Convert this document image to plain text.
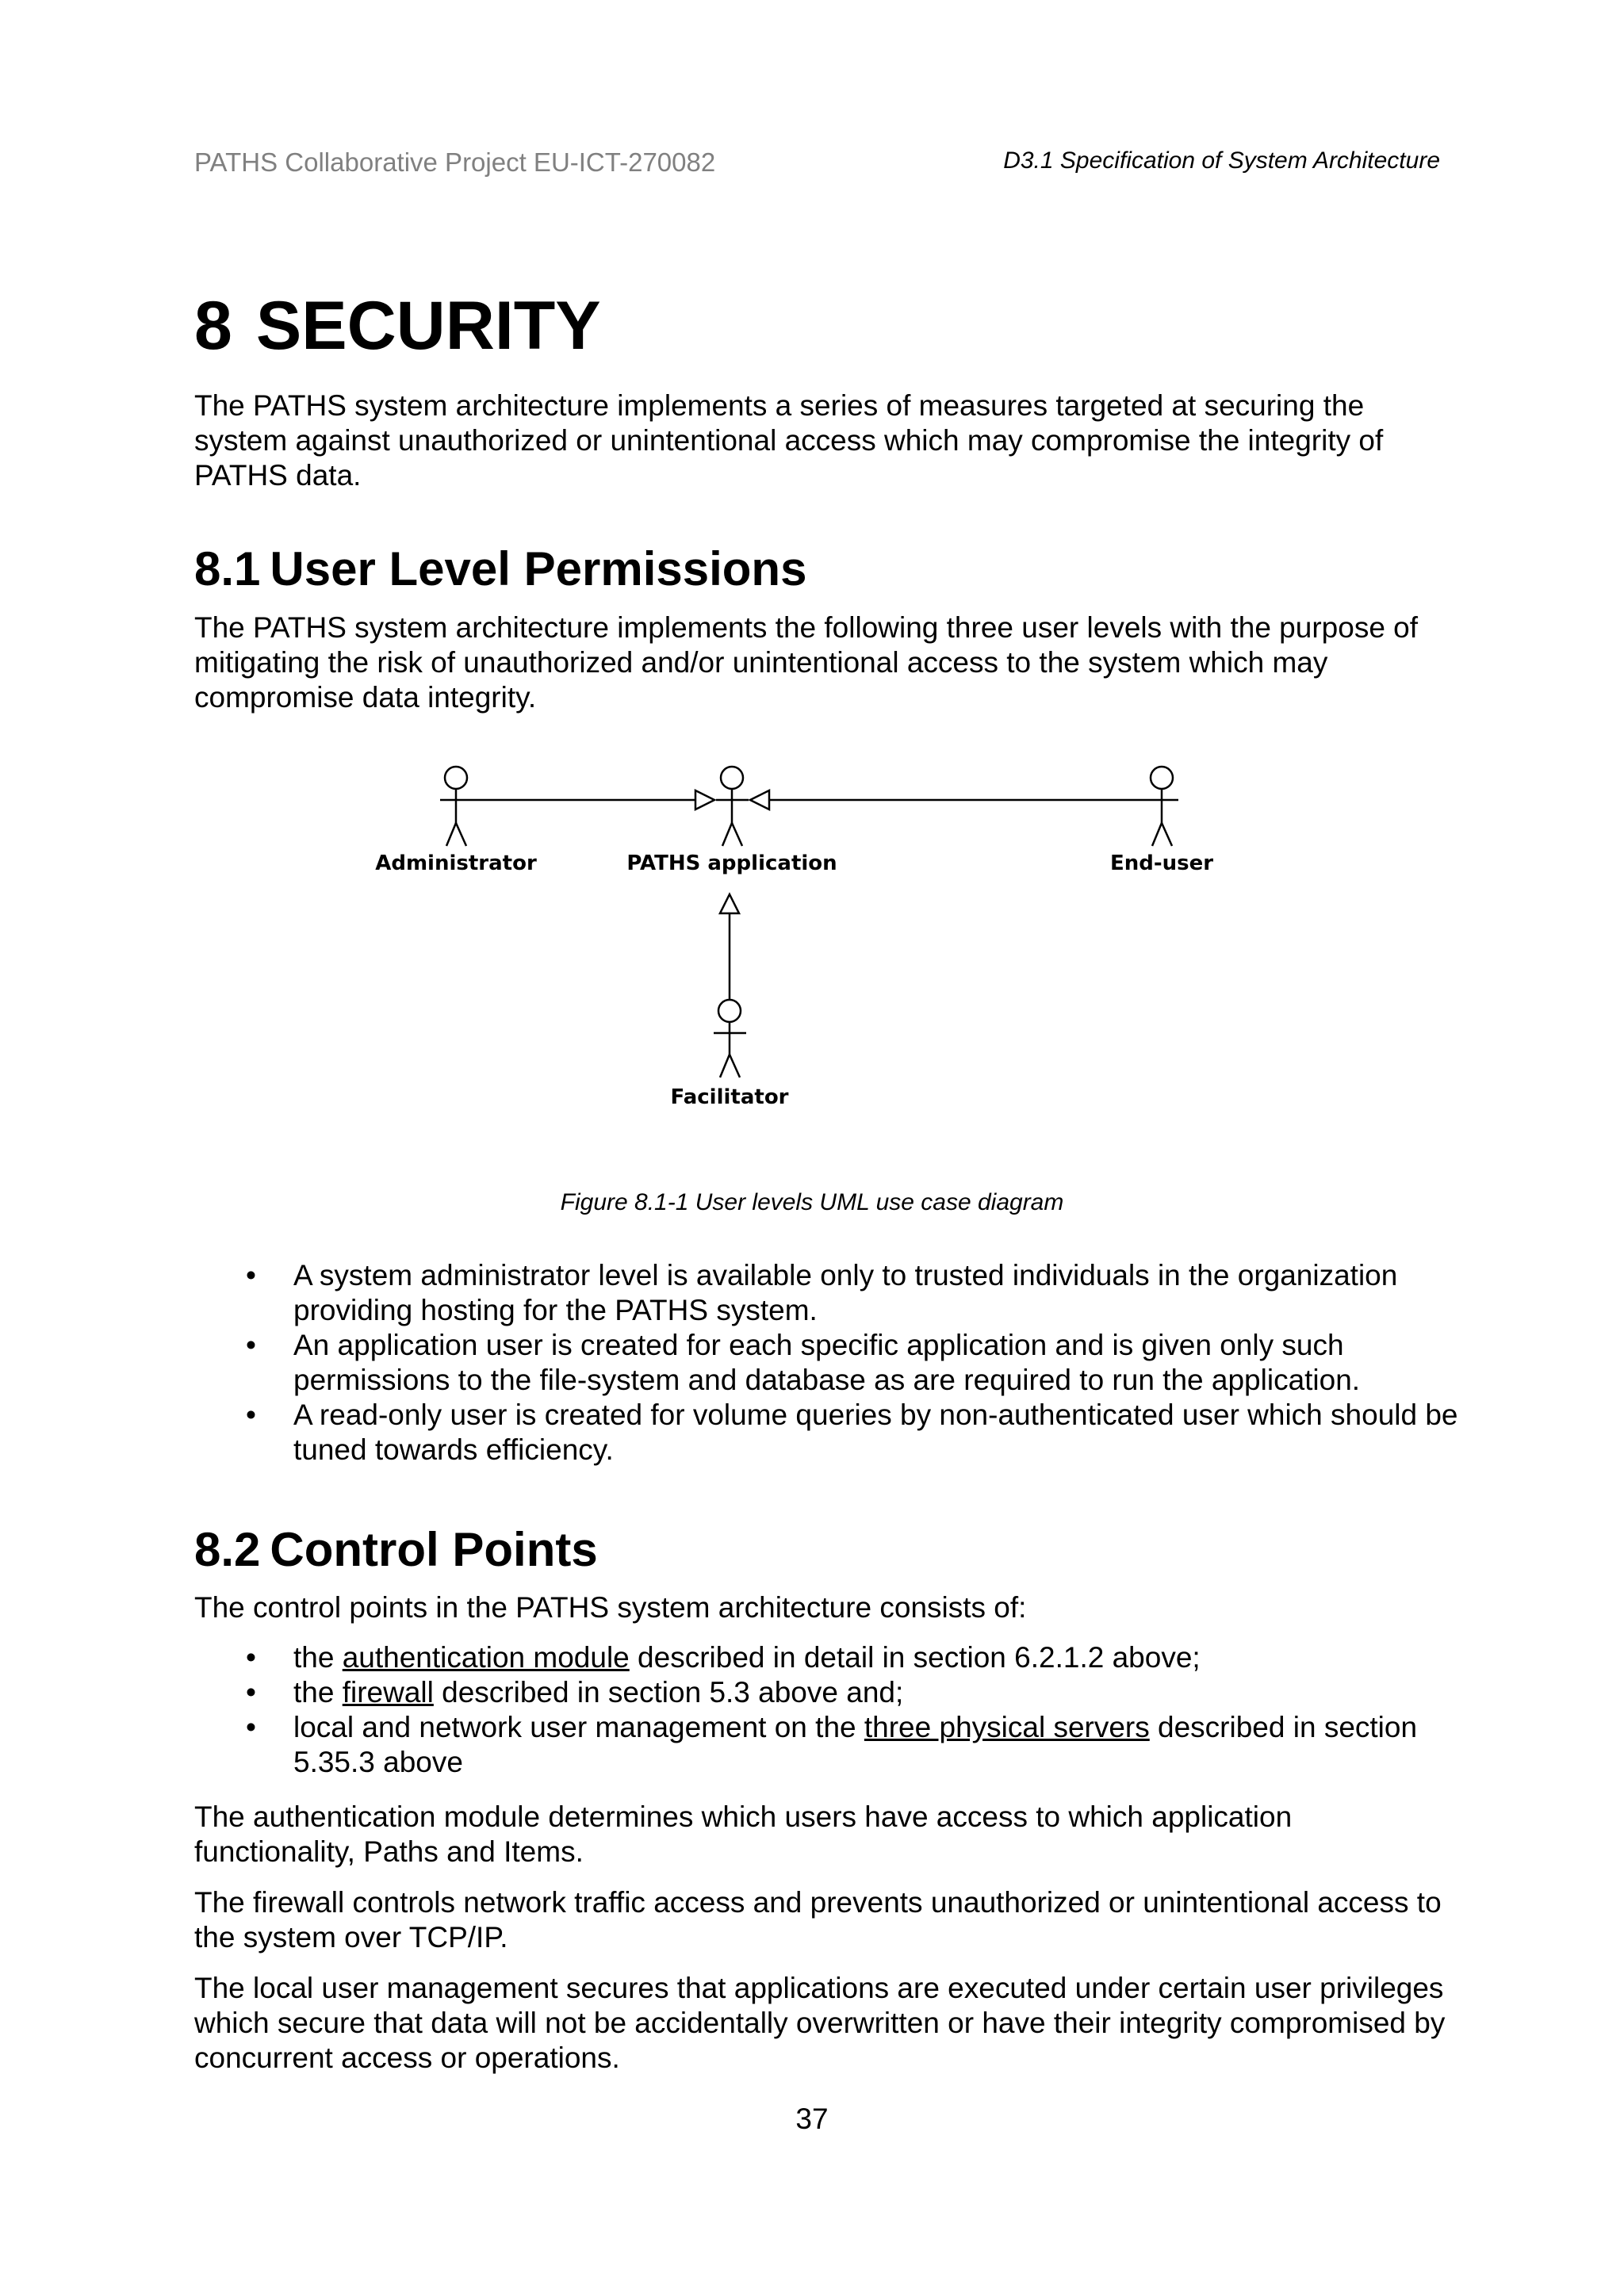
PATHS Collaborative Project EU-ICT-270082	D3.1 Specification of System Architecture
8 SECURITY

The PATHS system architecture implements a series of measures targeted at securing the system against unauthorized or unintentional access which may compromise the integrity of PATHS data.

8.1 User Level Permissions

The PATHS system architecture implements the following three user levels with the purpose of mitigating the risk of unauthorized and/or unintentional access to the system which may compromise data integrity.

Administrator	PATHS application	End-user
Facilitator
Figure 8.1-1 User levels UML use case diagram
• A system administrator level is available only to trusted individuals in the organization providing hosting for the PATHS system.
• An application user is created for each specific application and is given only such permissions to the file-system and database as are required to run the application.
• A read-only user is created for volume queries by non-authenticated user which should be tuned towards efficiency.
8.2 Control Points

The control points in the PATHS system architecture consists of:

• the authentication module described in detail in section 6.2.1.2 above;
• the firewall described in section 5.3 above and;
• local and network user management on the three physical servers described in section 5.35.3 above

The authentication module determines which users have access to which application functionality, Paths and Items.

The firewall controls network traffic access and prevents unauthorized or unintentional access to the system over TCP/IP.

The local user management secures that applications are executed under certain user privileges which secure that data will not be accidentally overwritten or have their integrity compromised by concurrent access or operations.

37
